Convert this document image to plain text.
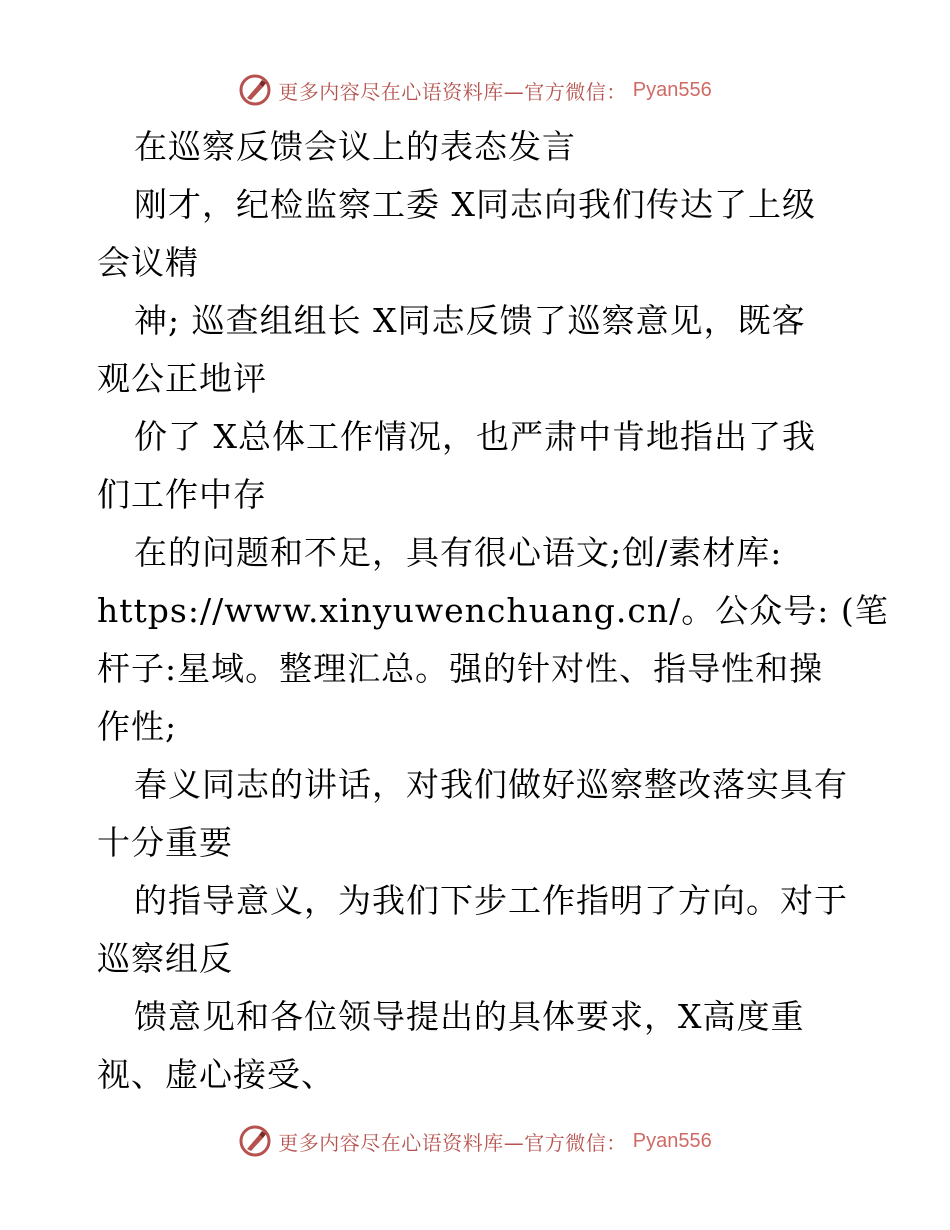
更多内容尽在心语资料库—官方微信： Pyan556
在巡察反馈会议上的表态发言
刚才，纪检监察工委 X同志向我们传达了上级
会议精
神; 巡查组组长 X同志反馈了巡察意见，既客
观公正地评
价了 X总体工作情况，也严肃中肯地指出了我
们工作中存
在的问题和不足，具有很心语文;创/素材库:
https://www.xinyuwenchuang.cn/。公众号: (笔
杆子:星域。整理汇总。强的针对性、指导性和操
作性;
春义同志的讲话，对我们做好巡察整改落实具有
十分重要
的指导意义，为我们下步工作指明了方向。对于
巡察组反
馈意见和各位领导提出的具体要求，X高度重
视、虚心接受、
更多内容尽在心语资料库—官方微信： Pyan556
